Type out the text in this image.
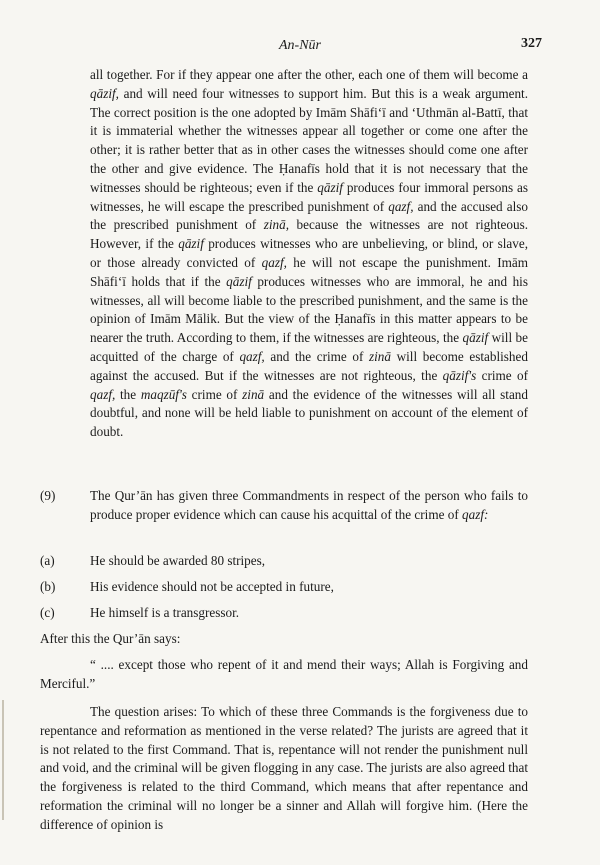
An-Nūr	327

all together. For if they appear one after the other, each one of them will become a qāzif, and will need four witnesses to support him. But this is a weak argument. The correct position is the one adopted by Imām Shāfi‘ī and ‘Uthmān al-Battī, that it is immaterial whether the witnesses appear all together or come one after the other; it is rather better that as in other cases the witnesses should come one after the other and give evidence. The Ḥanafīs hold that it is not necessary that the witnesses should be righteous; even if the qāzif produces four immoral persons as witnesses, he will escape the prescribed punishment of qazf, and the accused also the prescribed punishment of zinā, because the witnesses are not righteous. However, if the qāzif produces witnesses who are unbelieving, or blind, or slave, or those already convicted of qazf, he will not escape the punishment. Imām Shāfi‘ī holds that if the qāzif produces witnesses who are immoral, he and his witnesses, all will become liable to the prescribed punishment, and the same is the opinion of Imām Mālik. But the view of the Ḥanafīs in this matter appears to be nearer the truth. According to them, if the witnesses are righteous, the qāzif will be acquitted of the charge of qazf, and the crime of zinā will become established against the accused. But if the witnesses are not righteous, the qāzif's crime of qazf, the maqzūf's crime of zinā and the evidence of the witnesses will all stand doubtful, and none will be held liable to punishment on account of the element of doubt.

(9)	The Qur’ān has given three Commandments in respect of the person who fails to produce proper evidence which can cause his acquittal of the crime of qazf:
(a)	He should be awarded 80 stripes,
(b)	His evidence should not be accepted in future,
(c)	He himself is a transgressor.

After this the Qur’ān says:

“ .... except those who repent of it and mend their ways; Allah is Forgiving and Merciful.”

The question arises: To which of these three Commands is the forgiveness due to repentance and reformation as mentioned in the verse related? The jurists are agreed that it is not related to the first Command. That is, repentance will not render the punishment null and void, and the criminal will be given flogging in any case. The jurists are also agreed that the forgiveness is related to the third Command, which means that after repentance and reformation the criminal will no longer be a sinner and Allah will forgive him. (Here the difference of opinion is
